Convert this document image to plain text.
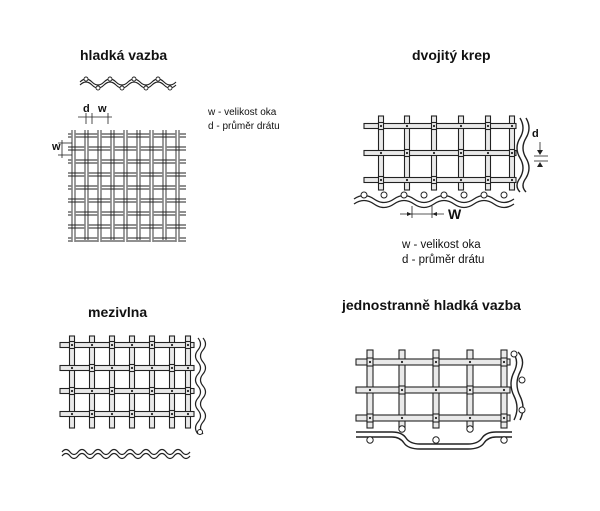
hladká vazba
d w
w
w - velikost oka
d - průměr drátu
dvojitý krep
d
W
w - velikost oka
d - průměr drátu
mezivlna	jednostranně hladká vazba
